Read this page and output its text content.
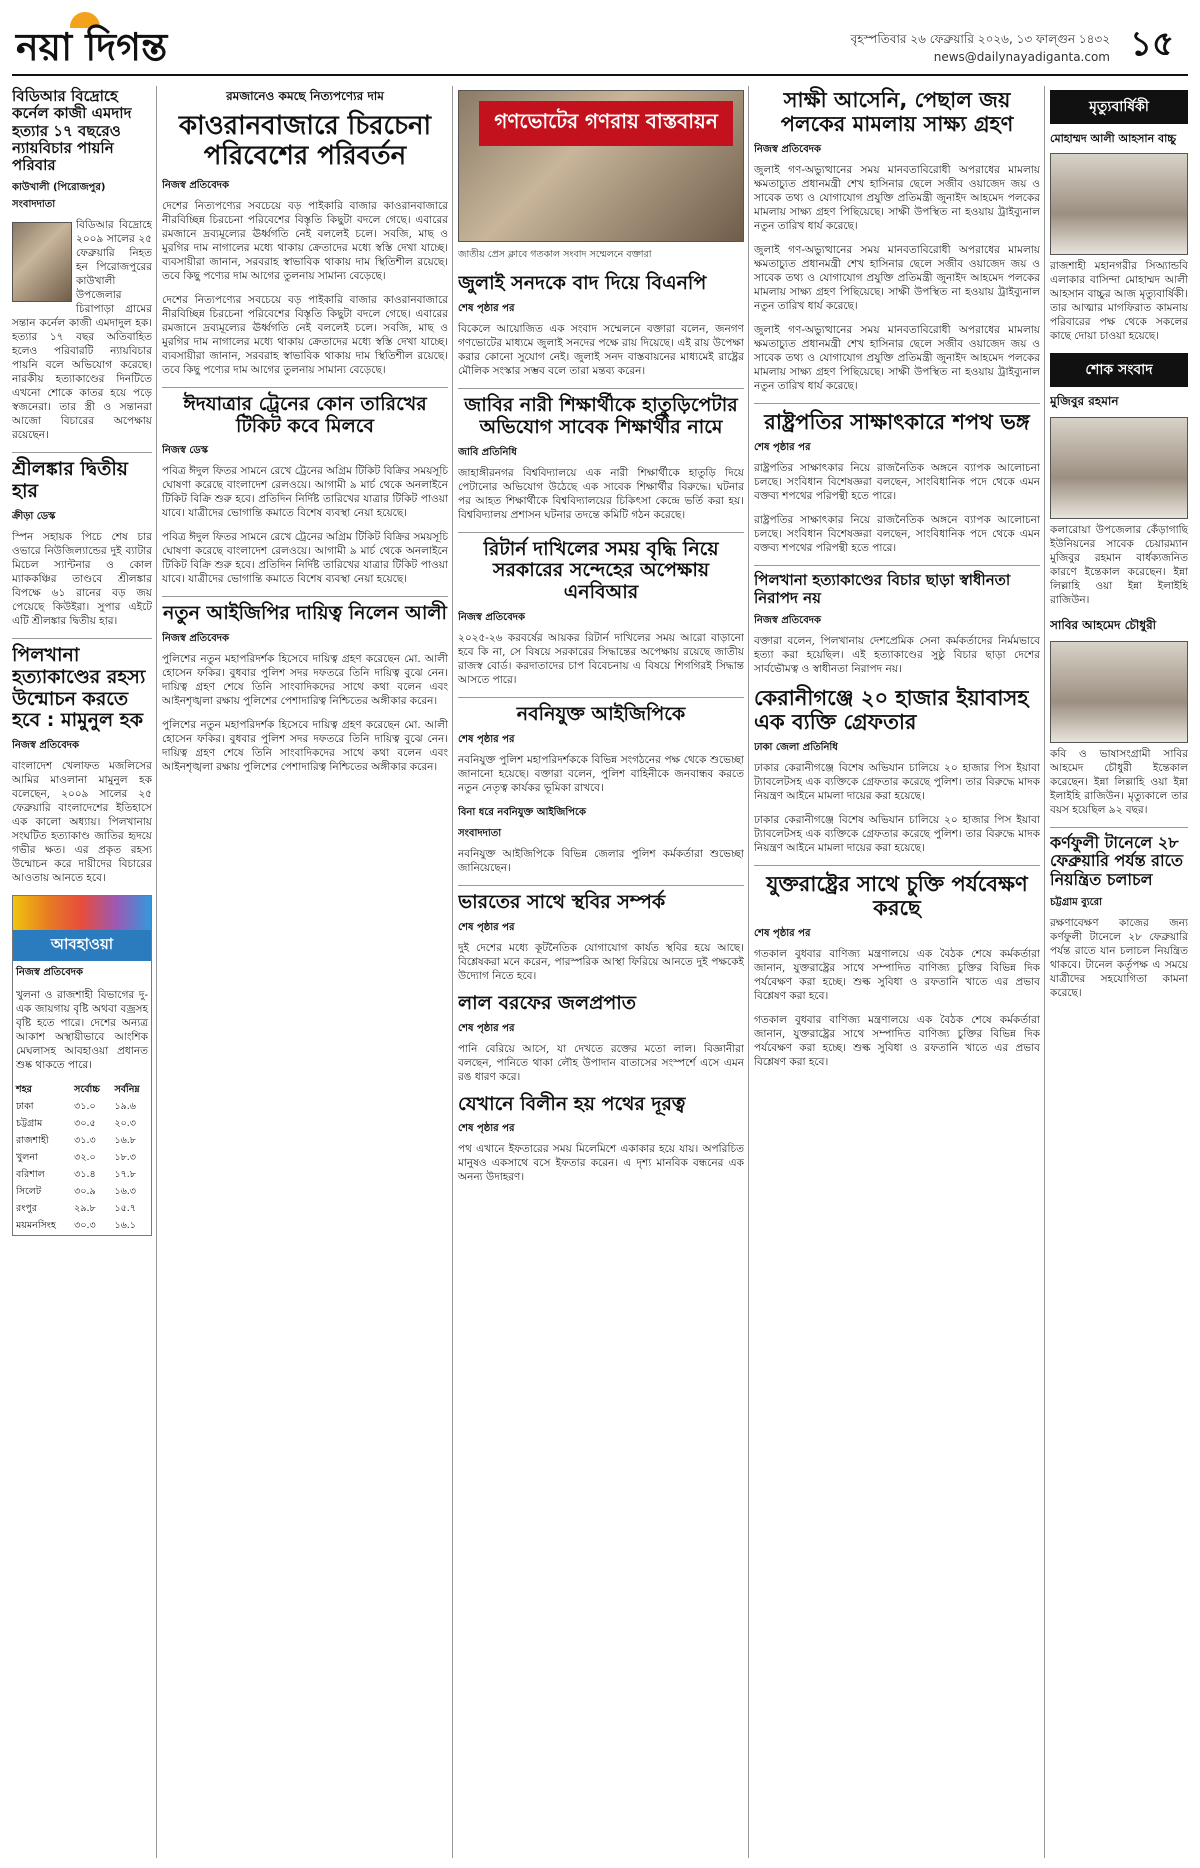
নয়া দিগন্ত	বৃহস্পতিবার ২৬ ফেব্রুয়ারি ২০২৬, ১৩ ফাল্গুন ১৪৩২
news@dailynayadiganta.com ১৫
বিডিআর বিদ্রোহে কর্নেল কাজী এমদাদ হত্যার ১৭ বছরেও ন্যায়বিচার পায়নি পরিবার
কাউখালী (পিরোজপুর) সংবাদদাতা

বিডিআর বিদ্রোহে ২০০৯ সালের ২৫ ফেব্রুয়ারি নিহত হন পিরোজপুরের কাউখালী উপজেলার চিরাপাড়া গ্রামের সন্তান কর্নেল কাজী এমদাদুল হক। হত্যার ১৭ বছর অতিবাহিত হলেও পরিবারটি ন্যায়বিচার পায়নি বলে অভিযোগ করেছে। নারকীয় হত্যাকাণ্ডের দিনটিতে এখনো শোকে কাতর হয়ে পড়ে স্বজনেরা। তার স্ত্রী ও সন্তানরা আজো বিচারের অপেক্ষায় রয়েছেন।

শ্রীলঙ্কার দ্বিতীয় হার
ক্রীড়া ডেস্ক

স্পিন সহায়ক পিচে শেষ চার ওভারে নিউজিল্যান্ডের দুই ব্যাটার মিচেল স্যান্টনার ও কোল ম্যাককঞ্চির তাণ্ডবে শ্রীলঙ্কার বিপক্ষে ৬১ রানের বড় জয় পেয়েছে কিউইরা। সুপার এইটে এটি শ্রীলঙ্কার দ্বিতীয় হার।

পিলখানা হত্যাকাণ্ডের রহস্য উন্মোচন করতে হবে : মামুনুল হক
নিজস্ব প্রতিবেদক

বাংলাদেশ খেলাফত মজলিসের আমির মাওলানা মামুনুল হক বলেছেন, ২০০৯ সালের ২৫ ফেব্রুয়ারি বাংলাদেশের ইতিহাসে এক কালো অধ্যায়। পিলখানায় সংঘটিত হত্যাকাণ্ড জাতির হৃদয়ে গভীর ক্ষত। এর প্রকৃত রহস্য উন্মোচন করে দায়ীদের বিচারের আওতায় আনতে হবে।

আবহাওয়া
নিজস্ব প্রতিবেদক

খুলনা ও রাজশাহী বিভাগের দু-এক জায়গায় বৃষ্টি অথবা বজ্রসহ বৃষ্টি হতে পারে। দেশের অন্যত্র আকাশ অস্থায়ীভাবে আংশিক মেঘলাসহ আবহাওয়া প্রধানত শুষ্ক থাকতে পারে।

শহর	সর্বোচ্চ	সর্বনিম্ন
ঢাকা	৩১.০	১৯.৬
চট্টগ্রাম	৩০.৫	২০.৩
রাজশাহী	৩১.৩	১৬.৮
খুলনা	৩২.০	১৮.৩
বরিশাল	৩১.৪	১৭.৮
সিলেট	৩০.৯	১৬.৩
রংপুর	২৯.৮	১৫.৭
ময়মনসিংহ	৩০.৩	১৬.১
রমজানেও কমছে নিত্যপণ্যের দাম
কাওরানবাজারে চিরচেনা পরিবেশের পরিবর্তন
নিজস্ব প্রতিবেদক

দেশের নিত্যপণ্যের সবচেয়ে বড় পাইকারি বাজার কাওরানবাজারে নীরবিচ্ছিন্ন চিরচেনা পরিবেশের বিস্তৃতি কিছুটা বদলে গেছে। এবারের রমজানে দ্রব্যমূল্যের ঊর্ধ্বগতি নেই বললেই চলে। সবজি, মাছ ও মুরগির দাম নাগালের মধ্যে থাকায় ক্রেতাদের মধ্যে স্বস্তি দেখা যাচ্ছে। ব্যবসায়ীরা জানান, সরবরাহ স্বাভাবিক থাকায় দাম স্থিতিশীল রয়েছে। তবে কিছু পণ্যের দাম আগের তুলনায় সামান্য বেড়েছে।

দেশের নিত্যপণ্যের সবচেয়ে বড় পাইকারি বাজার কাওরানবাজারে নীরবিচ্ছিন্ন চিরচেনা পরিবেশের বিস্তৃতি কিছুটা বদলে গেছে। এবারের রমজানে দ্রব্যমূল্যের ঊর্ধ্বগতি নেই বললেই চলে। সবজি, মাছ ও মুরগির দাম নাগালের মধ্যে থাকায় ক্রেতাদের মধ্যে স্বস্তি দেখা যাচ্ছে। ব্যবসায়ীরা জানান, সরবরাহ স্বাভাবিক থাকায় দাম স্থিতিশীল রয়েছে। তবে কিছু পণ্যের দাম আগের তুলনায় সামান্য বেড়েছে।

ঈদযাত্রার ট্রেনের কোন তারিখের টিকিট কবে মিলবে
নিজস্ব ডেস্ক

পবিত্র ঈদুল ফিতর সামনে রেখে ট্রেনের অগ্রিম টিকিট বিক্রির সময়সূচি ঘোষণা করেছে বাংলাদেশ রেলওয়ে। আগামী ৯ মার্চ থেকে অনলাইনে টিকিট বিক্রি শুরু হবে। প্রতিদিন নির্দিষ্ট তারিখের যাত্রার টিকিট পাওয়া যাবে। যাত্রীদের ভোগান্তি কমাতে বিশেষ ব্যবস্থা নেয়া হয়েছে।

পবিত্র ঈদুল ফিতর সামনে রেখে ট্রেনের অগ্রিম টিকিট বিক্রির সময়সূচি ঘোষণা করেছে বাংলাদেশ রেলওয়ে। আগামী ৯ মার্চ থেকে অনলাইনে টিকিট বিক্রি শুরু হবে। প্রতিদিন নির্দিষ্ট তারিখের যাত্রার টিকিট পাওয়া যাবে। যাত্রীদের ভোগান্তি কমাতে বিশেষ ব্যবস্থা নেয়া হয়েছে।

নতুন আইজিপির দায়িত্ব নিলেন আলী
নিজস্ব প্রতিবেদক

পুলিশের নতুন মহাপরিদর্শক হিসেবে দায়িত্ব গ্রহণ করেছেন মো. আলী হোসেন ফকির। বুধবার পুলিশ সদর দফতরে তিনি দায়িত্ব বুঝে নেন। দায়িত্ব গ্রহণ শেষে তিনি সাংবাদিকদের সাথে কথা বলেন এবং আইনশৃঙ্খলা রক্ষায় পুলিশের পেশাদারিত্ব নিশ্চিতের অঙ্গীকার করেন।

পুলিশের নতুন মহাপরিদর্শক হিসেবে দায়িত্ব গ্রহণ করেছেন মো. আলী হোসেন ফকির। বুধবার পুলিশ সদর দফতরে তিনি দায়িত্ব বুঝে নেন। দায়িত্ব গ্রহণ শেষে তিনি সাংবাদিকদের সাথে কথা বলেন এবং আইনশৃঙ্খলা রক্ষায় পুলিশের পেশাদারিত্ব নিশ্চিতের অঙ্গীকার করেন।

গণভোটের গণরায় বাস্তবায়ন
জাতীয় প্রেস ক্লাবে গতকাল সংবাদ সম্মেলনে বক্তারা
জুলাই সনদকে বাদ দিয়ে বিএনপি
শেষ পৃষ্ঠার পর

বিকেলে আয়োজিত এক সংবাদ সম্মেলনে বক্তারা বলেন, জনগণ গণভোটের মাধ্যমে জুলাই সনদের পক্ষে রায় দিয়েছে। এই রায় উপেক্ষা করার কোনো সুযোগ নেই। জুলাই সনদ বাস্তবায়নের মাধ্যমেই রাষ্ট্রের মৌলিক সংস্কার সম্ভব বলে তারা মন্তব্য করেন।

জাবির নারী শিক্ষার্থীকে হাতুড়িপেটার অভিযোগ সাবেক শিক্ষার্থীর নামে
জাবি প্রতিনিধি

জাহাঙ্গীরনগর বিশ্ববিদ্যালয়ে এক নারী শিক্ষার্থীকে হাতুড়ি দিয়ে পেটানোর অভিযোগ উঠেছে এক সাবেক শিক্ষার্থীর বিরুদ্ধে। ঘটনার পর আহত শিক্ষার্থীকে বিশ্ববিদ্যালয়ের চিকিৎসা কেন্দ্রে ভর্তি করা হয়। বিশ্ববিদ্যালয় প্রশাসন ঘটনার তদন্তে কমিটি গঠন করেছে।

রিটার্ন দাখিলের সময় বৃদ্ধি নিয়ে সরকারের সন্দেহের অপেক্ষায় এনবিআর
নিজস্ব প্রতিবেদক

২০২৫-২৬ করবর্ষের আয়কর রিটার্ন দাখিলের সময় আরো বাড়ানো হবে কি না, সে বিষয়ে সরকারের সিদ্ধান্তের অপেক্ষায় রয়েছে জাতীয় রাজস্ব বোর্ড। করদাতাদের চাপ বিবেচনায় এ বিষয়ে শিগগিরই সিদ্ধান্ত আসতে পারে।

নবনিযুক্ত আইজিপিকে
শেষ পৃষ্ঠার পর

নবনিযুক্ত পুলিশ মহাপরিদর্শককে বিভিন্ন সংগঠনের পক্ষ থেকে শুভেচ্ছা জানানো হয়েছে। বক্তারা বলেন, পুলিশ বাহিনীকে জনবান্ধব করতে নতুন নেতৃত্ব কার্যকর ভূমিকা রাখবে।

বিনা ধরে নবনিযুক্ত আইজিপিকে
সংবাদদাতা

নবনিযুক্ত আইজিপিকে বিভিন্ন জেলার পুলিশ কর্মকর্তারা শুভেচ্ছা জানিয়েছেন।

ভারতের সাথে স্থবির সম্পর্ক
শেষ পৃষ্ঠার পর

দুই দেশের মধ্যে কূটনৈতিক যোগাযোগ কার্যত স্থবির হয়ে আছে। বিশ্লেষকরা মনে করেন, পারস্পরিক আস্থা ফিরিয়ে আনতে দুই পক্ষকেই উদ্যোগ নিতে হবে।

লাল বরফের জলপ্রপাত
শেষ পৃষ্ঠার পর

পানি বেরিয়ে আসে, যা দেখতে রক্তের মতো লাল। বিজ্ঞানীরা বলছেন, পানিতে থাকা লৌহ উপাদান বাতাসের সংস্পর্শে এসে এমন রঙ ধারণ করে।

যেখানে বিলীন হয় পথের দূরত্ব
শেষ পৃষ্ঠার পর

পথ এখানে ইফতারের সময় মিলেমিশে একাকার হয়ে যায়। অপরিচিত মানুষও একসাথে বসে ইফতার করেন। এ দৃশ্য মানবিক বন্ধনের এক অনন্য উদাহরণ।

সাক্ষী আসেনি, পেছাল জয় পলকের মামলায় সাক্ষ্য গ্রহণ
নিজস্ব প্রতিবেদক

জুলাই গণ-অভ্যুত্থানের সময় মানবতাবিরোধী অপরাধের মামলায় ক্ষমতাচ্যুত প্রধানমন্ত্রী শেখ হাসিনার ছেলে সজীব ওয়াজেদ জয় ও সাবেক তথ্য ও যোগাযোগ প্রযুক্তি প্রতিমন্ত্রী জুনাইদ আহমেদ পলকের মামলায় সাক্ষ্য গ্রহণ পিছিয়েছে। সাক্ষী উপস্থিত না হওয়ায় ট্রাইব্যুনাল নতুন তারিখ ধার্য করেছে।

জুলাই গণ-অভ্যুত্থানের সময় মানবতাবিরোধী অপরাধের মামলায় ক্ষমতাচ্যুত প্রধানমন্ত্রী শেখ হাসিনার ছেলে সজীব ওয়াজেদ জয় ও সাবেক তথ্য ও যোগাযোগ প্রযুক্তি প্রতিমন্ত্রী জুনাইদ আহমেদ পলকের মামলায় সাক্ষ্য গ্রহণ পিছিয়েছে। সাক্ষী উপস্থিত না হওয়ায় ট্রাইব্যুনাল নতুন তারিখ ধার্য করেছে।

জুলাই গণ-অভ্যুত্থানের সময় মানবতাবিরোধী অপরাধের মামলায় ক্ষমতাচ্যুত প্রধানমন্ত্রী শেখ হাসিনার ছেলে সজীব ওয়াজেদ জয় ও সাবেক তথ্য ও যোগাযোগ প্রযুক্তি প্রতিমন্ত্রী জুনাইদ আহমেদ পলকের মামলায় সাক্ষ্য গ্রহণ পিছিয়েছে। সাক্ষী উপস্থিত না হওয়ায় ট্রাইব্যুনাল নতুন তারিখ ধার্য করেছে।

রাষ্ট্রপতির সাক্ষাৎকারে শপথ ভঙ্গ
শেষ পৃষ্ঠার পর

রাষ্ট্রপতির সাক্ষাৎকার নিয়ে রাজনৈতিক অঙ্গনে ব্যাপক আলোচনা চলছে। সংবিধান বিশেষজ্ঞরা বলছেন, সাংবিধানিক পদে থেকে এমন বক্তব্য শপথের পরিপন্থী হতে পারে।

রাষ্ট্রপতির সাক্ষাৎকার নিয়ে রাজনৈতিক অঙ্গনে ব্যাপক আলোচনা চলছে। সংবিধান বিশেষজ্ঞরা বলছেন, সাংবিধানিক পদে থেকে এমন বক্তব্য শপথের পরিপন্থী হতে পারে।

পিলখানা হত্যাকাণ্ডের বিচার ছাড়া স্বাধীনতা নিরাপদ নয়
নিজস্ব প্রতিবেদক

বক্তারা বলেন, পিলখানায় দেশপ্রেমিক সেনা কর্মকর্তাদের নির্মমভাবে হত্যা করা হয়েছিল। এই হত্যাকাণ্ডের সুষ্ঠু বিচার ছাড়া দেশের সার্বভৌমত্ব ও স্বাধীনতা নিরাপদ নয়।

কেরানীগঞ্জে ২০ হাজার ইয়াবাসহ এক ব্যক্তি গ্রেফতার
ঢাকা জেলা প্রতিনিধি

ঢাকার কেরানীগঞ্জে বিশেষ অভিযান চালিয়ে ২০ হাজার পিস ইয়াবা ট্যাবলেটসহ এক ব্যক্তিকে গ্রেফতার করেছে পুলিশ। তার বিরুদ্ধে মাদক নিয়ন্ত্রণ আইনে মামলা দায়ের করা হয়েছে।

ঢাকার কেরানীগঞ্জে বিশেষ অভিযান চালিয়ে ২০ হাজার পিস ইয়াবা ট্যাবলেটসহ এক ব্যক্তিকে গ্রেফতার করেছে পুলিশ। তার বিরুদ্ধে মাদক নিয়ন্ত্রণ আইনে মামলা দায়ের করা হয়েছে।

যুক্তরাষ্ট্রের সাথে চুক্তি পর্যবেক্ষণ করছে
শেষ পৃষ্ঠার পর

গতকাল বুধবার বাণিজ্য মন্ত্রণালয়ে এক বৈঠক শেষে কর্মকর্তারা জানান, যুক্তরাষ্ট্রের সাথে সম্পাদিত বাণিজ্য চুক্তির বিভিন্ন দিক পর্যবেক্ষণ করা হচ্ছে। শুল্ক সুবিধা ও রফতানি খাতে এর প্রভাব বিশ্লেষণ করা হবে।

গতকাল বুধবার বাণিজ্য মন্ত্রণালয়ে এক বৈঠক শেষে কর্মকর্তারা জানান, যুক্তরাষ্ট্রের সাথে সম্পাদিত বাণিজ্য চুক্তির বিভিন্ন দিক পর্যবেক্ষণ করা হচ্ছে। শুল্ক সুবিধা ও রফতানি খাতে এর প্রভাব বিশ্লেষণ করা হবে।

মৃত্যুবার্ষিকী
মোহাম্মদ আলী আহসান বাচ্চু

রাজশাহী মহানগরীর সিঅ্যান্ডবি এলাকার বাসিন্দা মোহাম্মদ আলী আহসান বাচ্চুর আজ মৃত্যুবার্ষিকী। তার আত্মার মাগফিরাত কামনায় পরিবারের পক্ষ থেকে সকলের কাছে দোয়া চাওয়া হয়েছে।

শোক সংবাদ
মুজিবুর রহমান

কলারোয়া উপজেলার কেঁড়াগাছি ইউনিয়নের সাবেক চেয়ারম্যান মুজিবুর রহমান বার্ধক্যজনিত কারণে ইন্তেকাল করেছেন। ইন্না লিল্লাহি ওয়া ইন্না ইলাইহি রাজিউন।

সাবির আহমেদ চৌধুরী

কবি ও ভাষাসংগ্রামী সাবির আহমেদ চৌধুরী ইন্তেকাল করেছেন। ইন্না লিল্লাহি ওয়া ইন্না ইলাইহি রাজিউন। মৃত্যুকালে তার বয়স হয়েছিল ৯২ বছর।

কর্ণফুলী টানেলে ২৮ ফেব্রুয়ারি পর্যন্ত রাতে নিয়ন্ত্রিত চলাচল
চট্টগ্রাম ব্যুরো

রক্ষণাবেক্ষণ কাজের জন্য কর্ণফুলী টানেলে ২৮ ফেব্রুয়ারি পর্যন্ত রাতে যান চলাচল নিয়ন্ত্রিত থাকবে। টানেল কর্তৃপক্ষ এ সময়ে যাত্রীদের সহযোগিতা কামনা করেছে।
